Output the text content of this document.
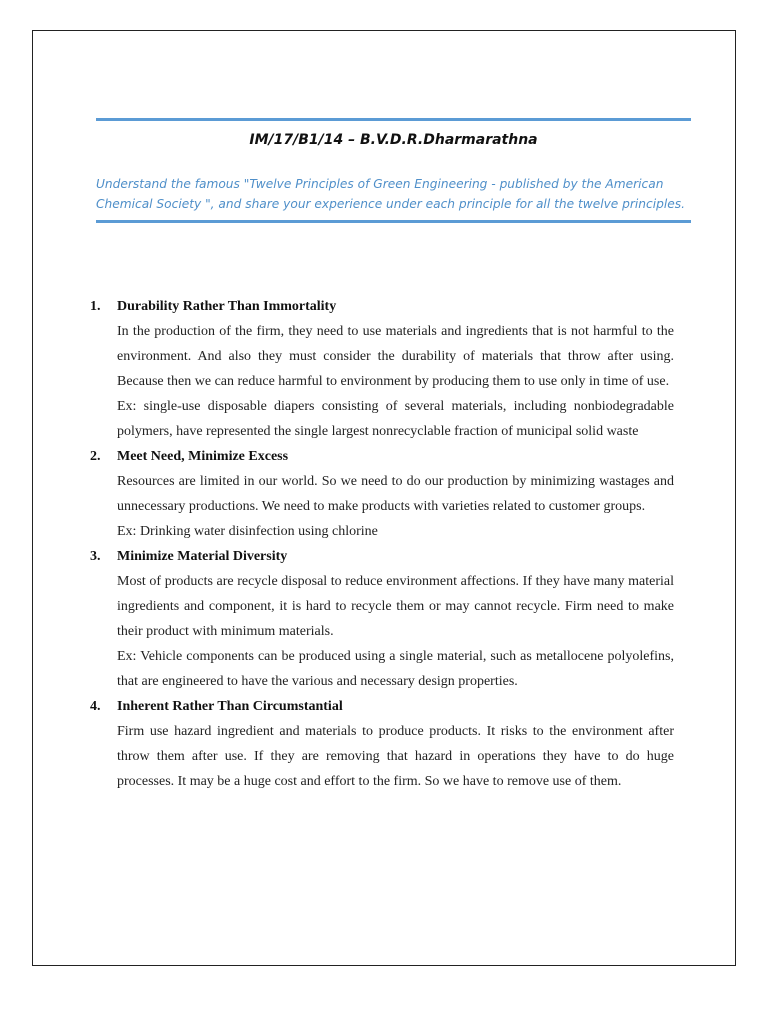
IM/17/B1/14 – B.V.D.R.Dharmarathna
Understand the famous "Twelve Principles of Green Engineering - published by the American Chemical Society ", and share your experience under each principle for all the twelve principles.
1.	Durability Rather Than Immortality
In the production of the firm, they need to use materials and ingredients that is not harmful to the environment. And also they must consider the durability of materials that throw after using. Because then we can reduce harmful to environment by producing them to use only in time of use.
Ex: single-use disposable diapers consisting of several materials, including nonbiodegradable polymers, have represented the single largest nonrecyclable fraction of municipal solid waste
2.	Meet Need, Minimize Excess
Resources are limited in our world. So we need to do our production by minimizing wastages and unnecessary productions. We need to make products with varieties related to customer groups.
Ex: Drinking water disinfection using chlorine
3.	Minimize Material Diversity
Most of products are recycle disposal to reduce environment affections. If they have many material ingredients and component, it is hard to recycle them or may cannot recycle. Firm need to make their product with minimum materials.
Ex: Vehicle components can be produced using a single material, such as metallocene polyolefins, that are engineered to have the various and necessary design properties.
4.	Inherent Rather Than Circumstantial
Firm use hazard ingredient and materials to produce products. It risks to the environment after throw them after use. If they are removing that hazard in operations they have to do huge processes. It may be a huge cost and effort to the firm. So we have to remove use of them.
